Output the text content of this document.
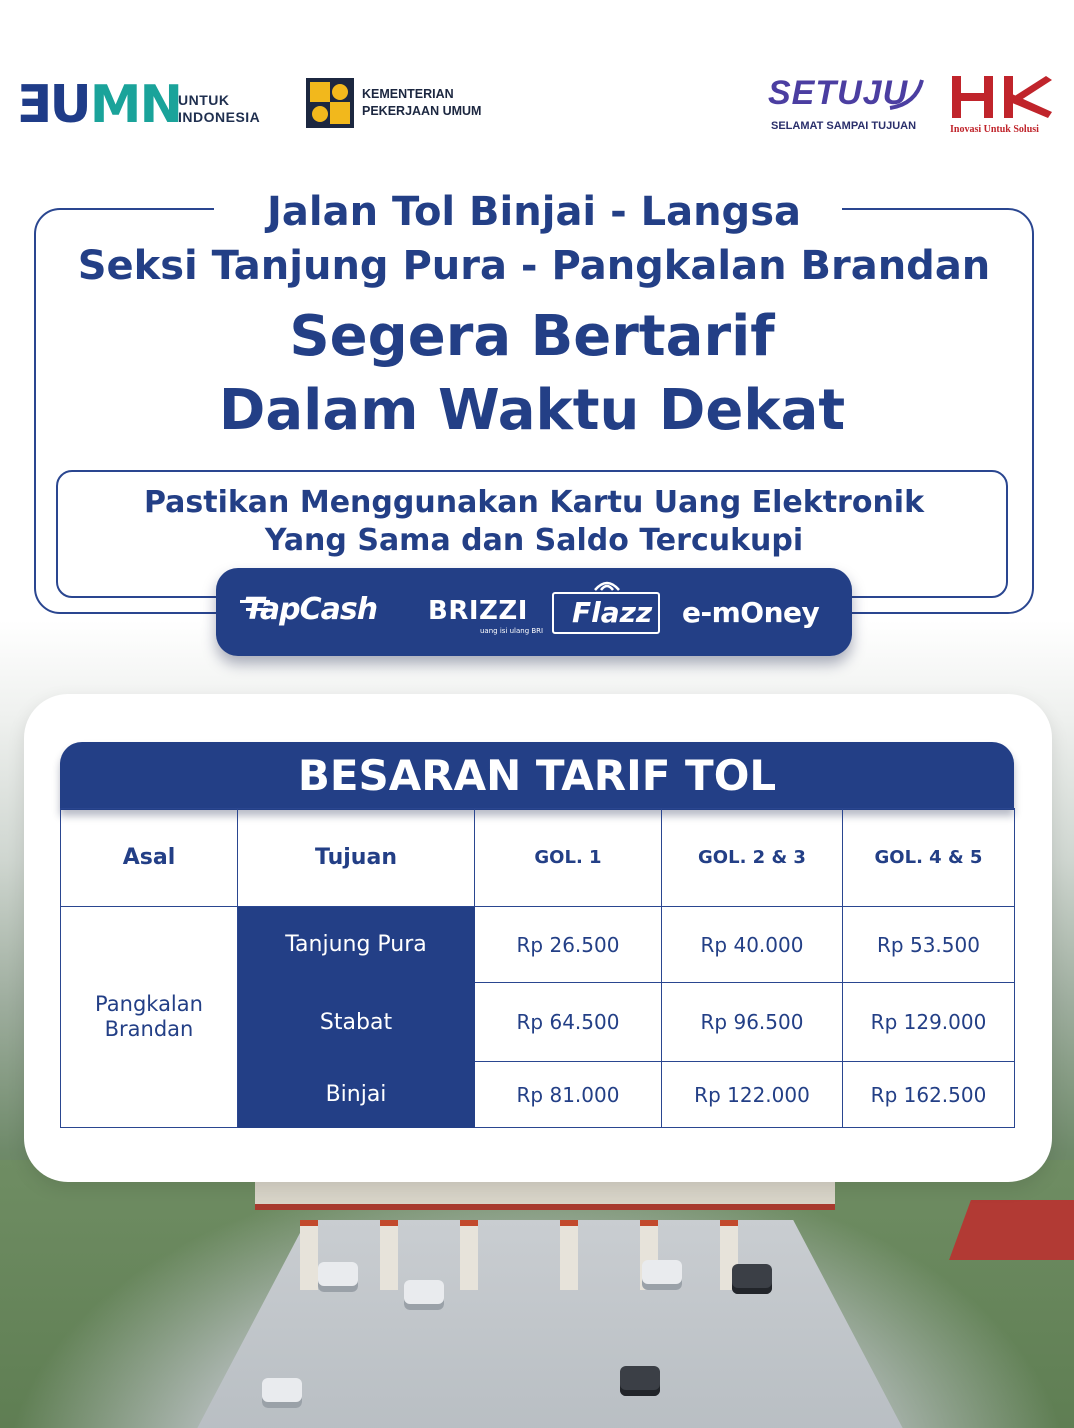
ƎUMN
UNTUK
INDONESIA
KEMENTERIAN
PEKERJAAN UMUM	SETUJU
SELAMAT SAMPAI TUJUAN	Inovasi Untuk Solusi
Jalan Tol Binjai - Langsa
Seksi Tanjung Pura - Pangkalan Brandan
Segera Bertarif
Dalam Waktu Dekat
Pastikan Menggunakan Kartu Uang Elektronik
Yang Sama dan Saldo Tercukupi
TapCash BRIZZI
uang isi ulang BRI
Flazz e-mOney
BESARAN TARIF TOL
Asal	Tujuan	GOL. 1	GOL. 2 & 3	GOL. 4 & 5
Pangkalan Brandan	Tanjung Pura	Rp 26.500	Rp 40.000	Rp 53.500
	Stabat	Rp 64.500	Rp 96.500	Rp 129.000
	Binjai	Rp 81.000	Rp 122.000	Rp 162.500
